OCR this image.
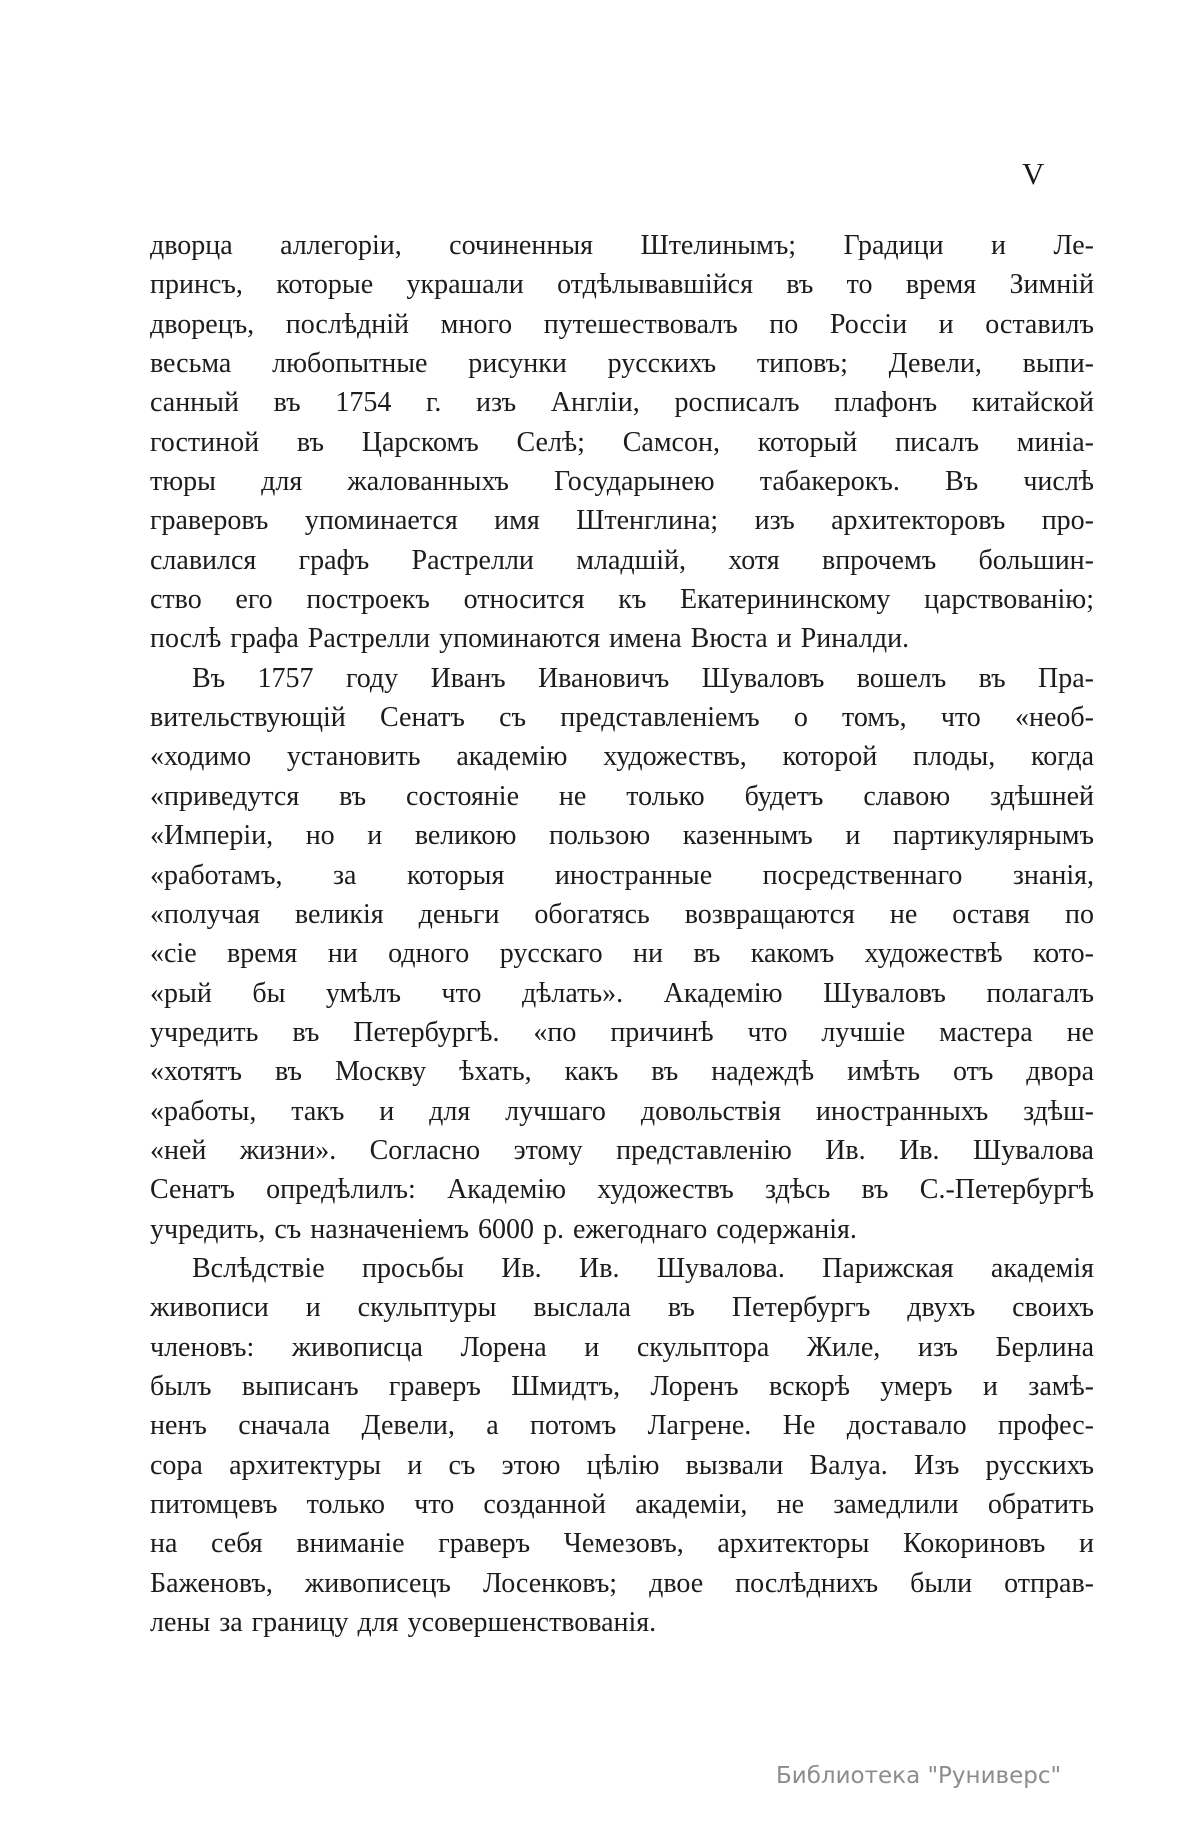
V
дворца аллегоріи, сочиненныя Штелинымъ; Градици и Ле-
принсъ, которые украшали отдѣлывавшійся въ то время Зимній
дворецъ, послѣдній много путешествовалъ по Россіи и оставилъ
весьма любопытные рисунки русскихъ типовъ; Девели, выпи-
санный въ 1754 г. изъ Англіи, росписалъ плафонъ китайской
гостиной въ Царскомъ Селѣ; Самсон, который писалъ миніа-
тюры для жалованныхъ Государынею табакерокъ. Въ числѣ
граверовъ упоминается имя Штенглина; изъ архитекторовъ про-
славился графъ Растрелли младшій, хотя впрочемъ большин-
ство его построекъ относится къ Екатерининскому царствованію;
послѣ графа Растрелли упоминаются имена Вюста и Риналди.
Въ 1757 году Иванъ Ивановичъ Шуваловъ вошелъ въ Пра-
вительствующій Сенатъ съ представленіемъ о томъ, что «необ-
«ходимо установить академію художествъ, которой плоды, когда
«приведутся въ состояніе не только будетъ славою здѣшней
«Имперіи, но и великою пользою казеннымъ и партикулярнымъ
«работамъ, за которыя иностранные посредственнаго знанія,
«получая великія деньги обогатясь возвращаются не оставя по
«сіе время ни одного русскаго ни въ какомъ художествѣ кото-
«рый бы умѣлъ что дѣлать». Академію Шуваловъ полагалъ
учредить въ Петербургѣ. «по причинѣ что лучшіе мастера не
«хотятъ въ Москву ѣхать, какъ въ надеждѣ имѣть отъ двора
«работы, такъ и для лучшаго довольствія иностранныхъ здѣш-
«ней жизни». Согласно этому представленію Ив. Ив. Шувалова
Сенатъ опредѣлилъ: Академію художествъ здѣсь въ С.-Петербургѣ
учредить, съ назначеніемъ 6000 р. ежегоднаго содержанія.
Вслѣдствіе просьбы Ив. Ив. Шувалова. Парижская академія
живописи и скульптуры выслала въ Петербургъ двухъ своихъ
членовъ: живописца Лорена и скульптора Жиле, изъ Берлина
былъ выписанъ граверъ Шмидтъ, Лоренъ вскорѣ умеръ и замѣ-
ненъ сначала Девели, а потомъ Лагрене. Не доставало профес-
сора архитектуры и съ этою цѣлію вызвали Валуа. Изъ русскихъ
питомцевъ только что созданной академіи, не замедлили обратить
на себя вниманіе граверъ Чемезовъ, архитекторы Кокориновъ и
Баженовъ, живописецъ Лосенковъ; двое послѣднихъ были отправ-
лены за границу для усовершенствованія.
Библиотека "Руниверс"
